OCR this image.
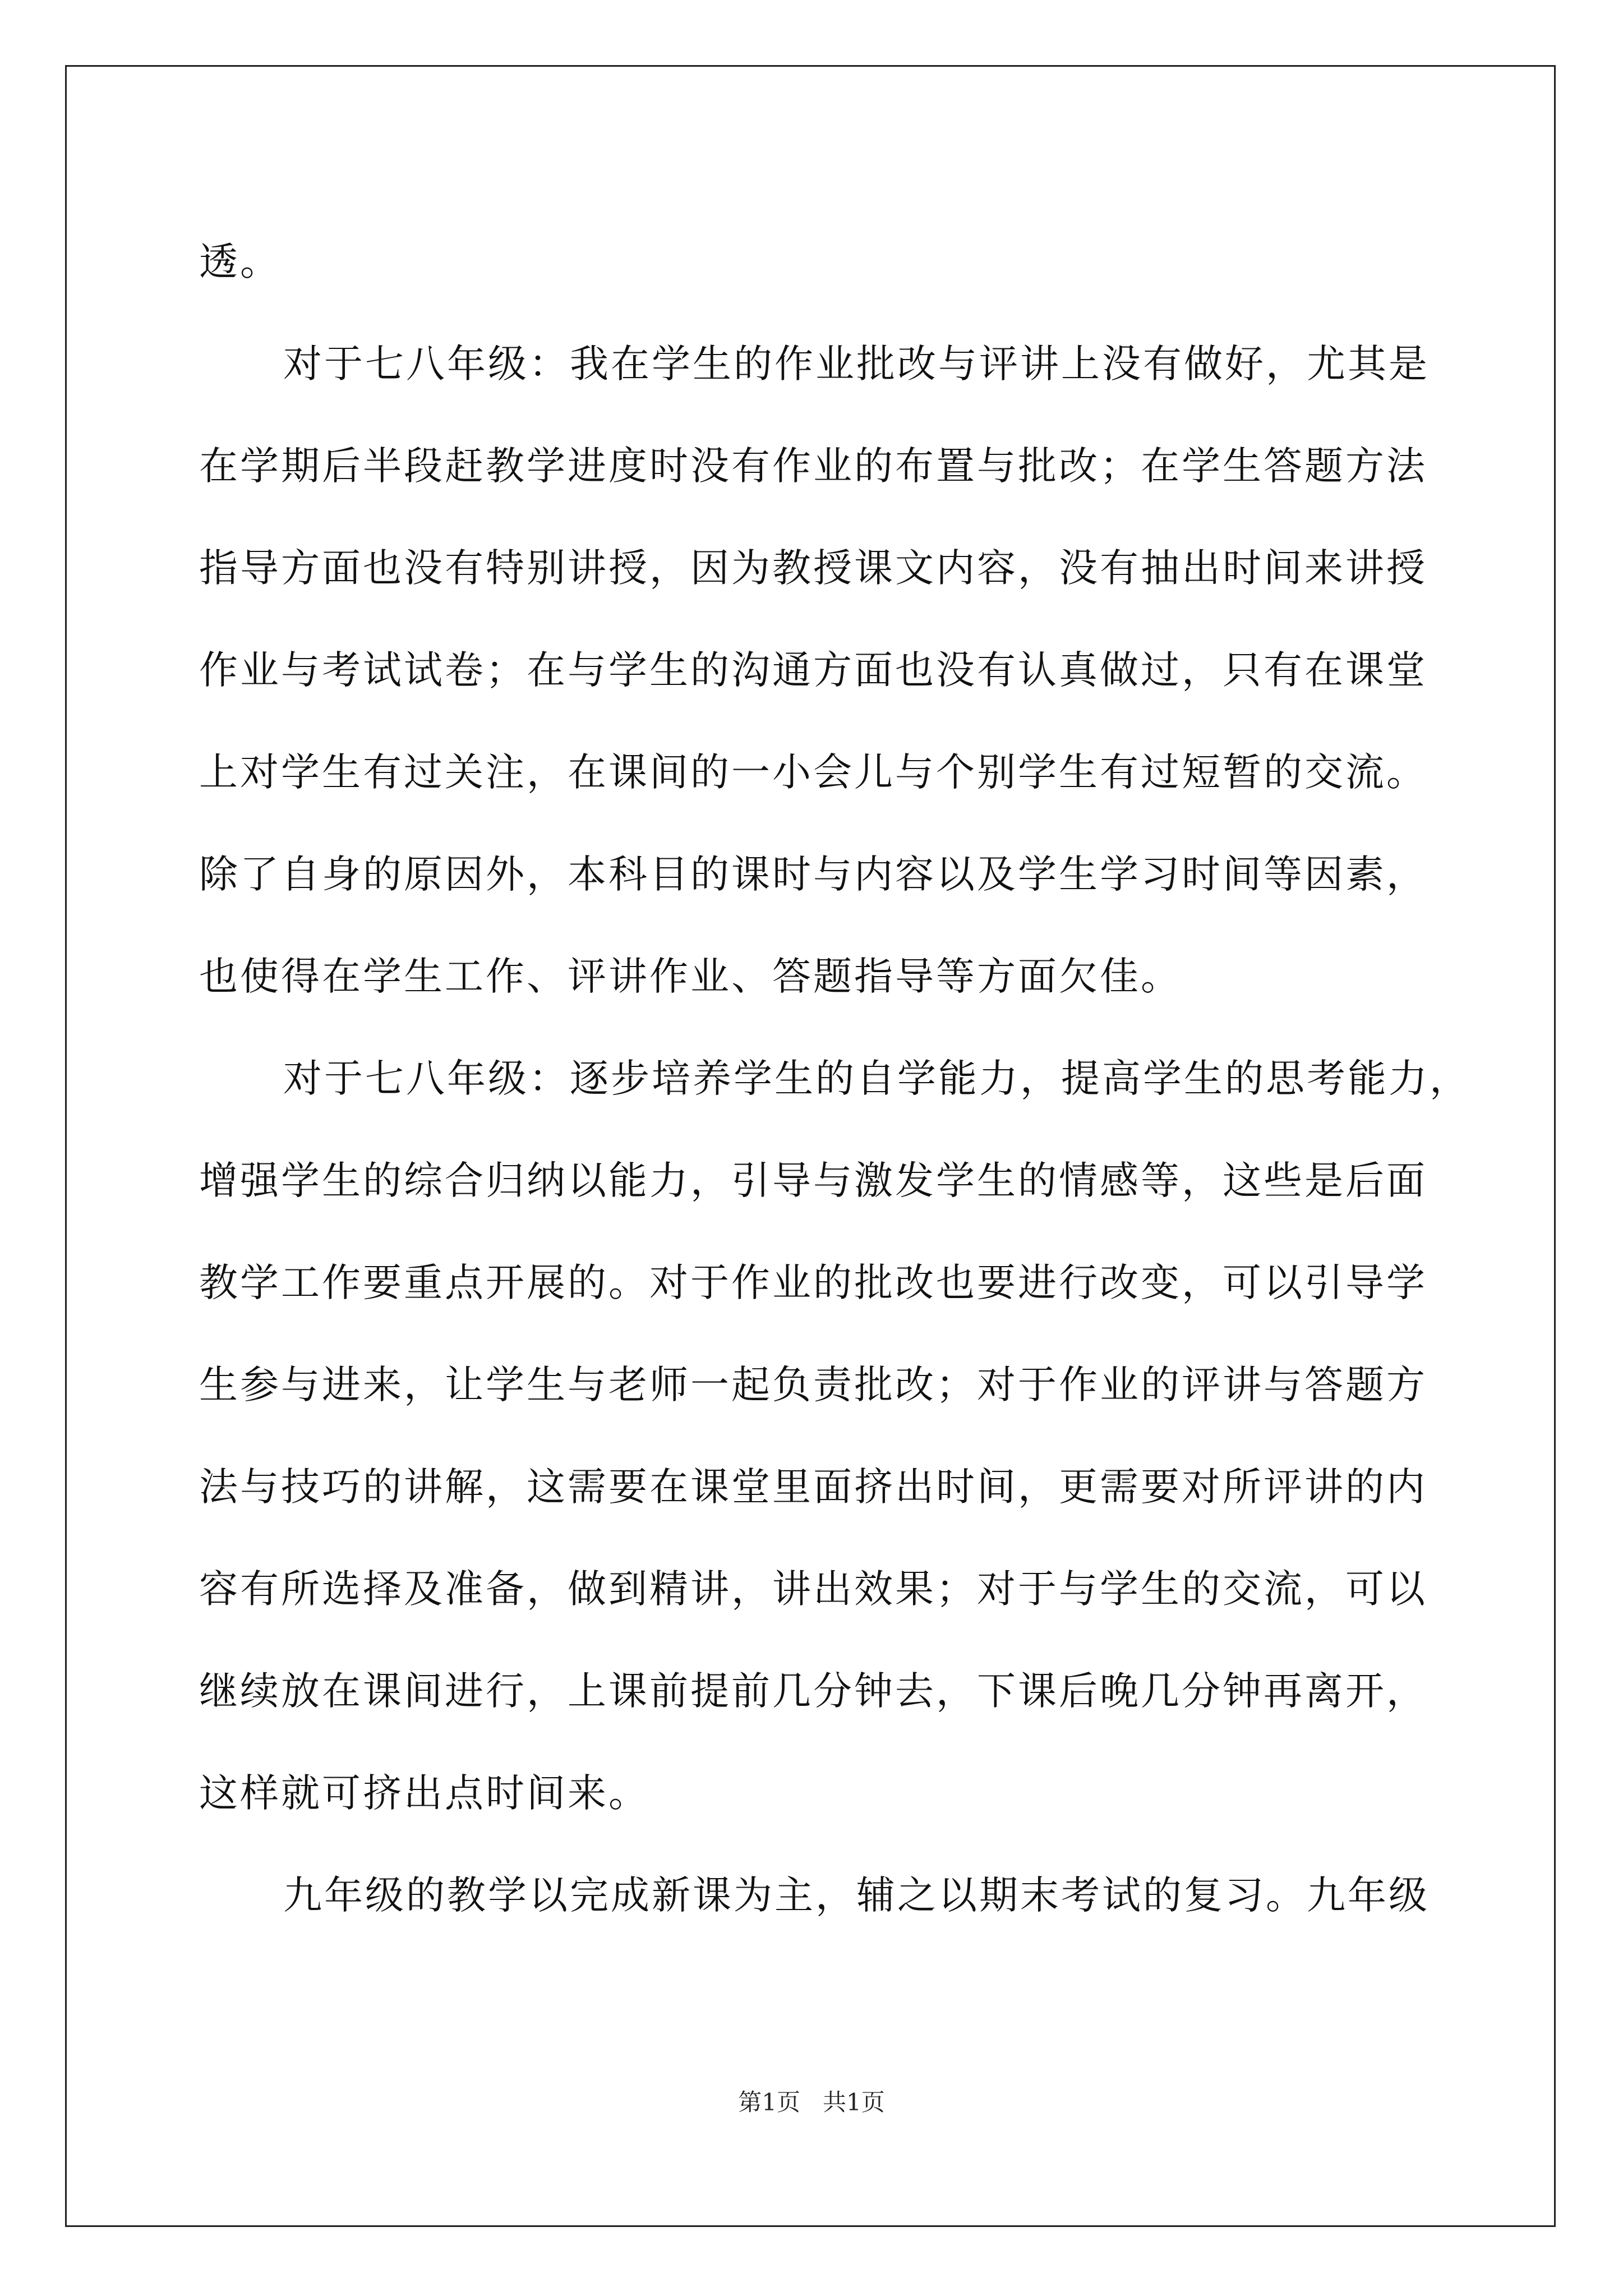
透。
对于七八年级：我在学生的作业批改与评讲上没有做好，尤其是
在学期后半段赶教学进度时没有作业的布置与批改；在学生答题方法
指导方面也没有特别讲授，因为教授课文内容，没有抽出时间来讲授
作业与考试试卷；在与学生的沟通方面也没有认真做过，只有在课堂
上对学生有过关注，在课间的一小会儿与个别学生有过短暂的交流。
除了自身的原因外，本科目的课时与内容以及学生学习时间等因素，
也使得在学生工作、评讲作业、答题指导等方面欠佳。
对于七八年级：逐步培养学生的自学能力，提高学生的思考能力，
增强学生的综合归纳以能力，引导与激发学生的情感等，这些是后面
教学工作要重点开展的。对于作业的批改也要进行改变，可以引导学
生参与进来，让学生与老师一起负责批改；对于作业的评讲与答题方
法与技巧的讲解，这需要在课堂里面挤出时间，更需要对所评讲的内
容有所选择及准备，做到精讲，讲出效果；对于与学生的交流，可以
继续放在课间进行，上课前提前几分钟去，下课后晚几分钟再离开，
这样就可挤出点时间来。
九年级的教学以完成新课为主，辅之以期末考试的复习。九年级
第1页   共1页
